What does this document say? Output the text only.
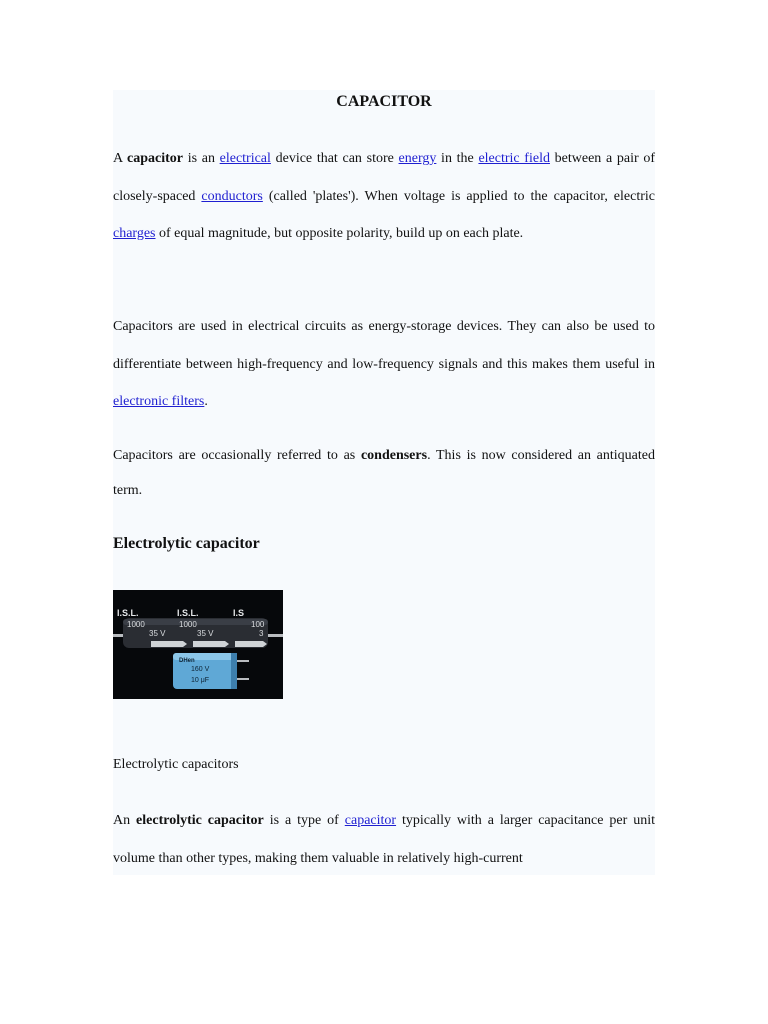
CAPACITOR

A capacitor is an electrical device that can store energy in the electric field between a pair of closely-spaced conductors (called 'plates'). When voltage is applied to the capacitor, electric charges of equal magnitude, but opposite polarity, build up on each plate.

Capacitors are used in electrical circuits as energy-storage devices. They can also be used to differentiate between high-frequency and low-frequency signals and this makes them useful in electronic filters.

Capacitors are occasionally referred to as condensers. This is now considered an antiquated term.

Electrolytic capacitor
I.S.L.	I.S.L.	I.S
1000	1000	100
35 V	35 V	3
DHen
160 V
10 μF

Electrolytic capacitors

An electrolytic capacitor is a type of capacitor typically with a larger capacitance per unit volume than other types, making them valuable in relatively high-current
